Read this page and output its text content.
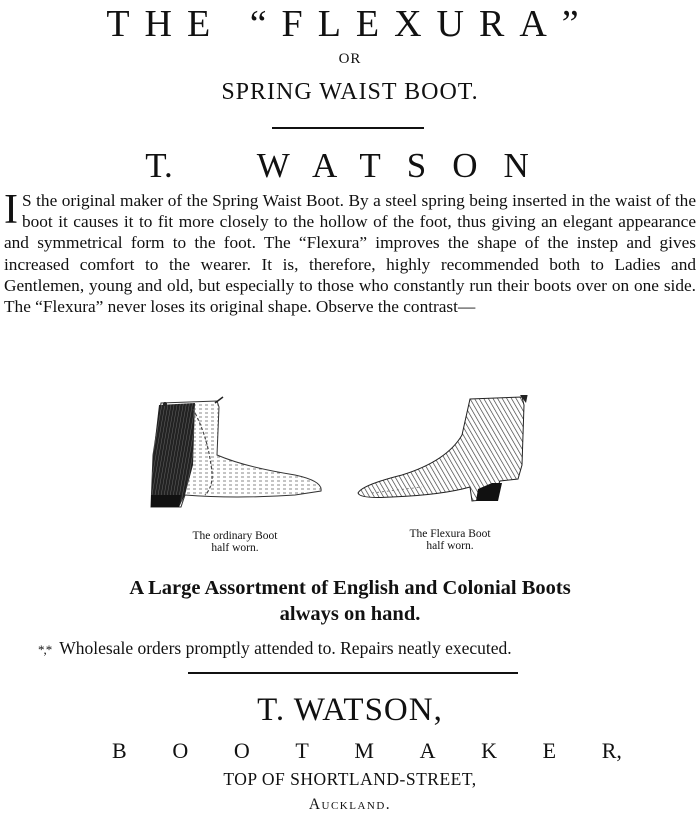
THE “FLEXURA”
OR
SPRING WAIST BOOT.
T. WATSON
I S the original maker of the Spring Waist Boot. By a steel spring being inserted in the waist of the boot it causes it to fit more closely to the hollow of the foot, thus giving an elegant appearance and symmetrical form to the foot. The “Flexura” improves the shape of the instep and gives increased comfort to the wearer. It is, therefore, highly recommended both to Ladies and Gentlemen, young and old, but especially to those who constantly run their boots over on one side. The “Flexura” never loses its original shape. Observe the contrast—

The ordinary Boot
half worn.
The Flexura Boot
half worn.
A Large Assortment of English and Colonial Boots
always on hand.
*,* Wholesale orders promptly attended to. Repairs neatly executed.
T. WATSON,
B O O T M A K E R,
TOP OF SHORTLAND-STREET,
Auckland.
